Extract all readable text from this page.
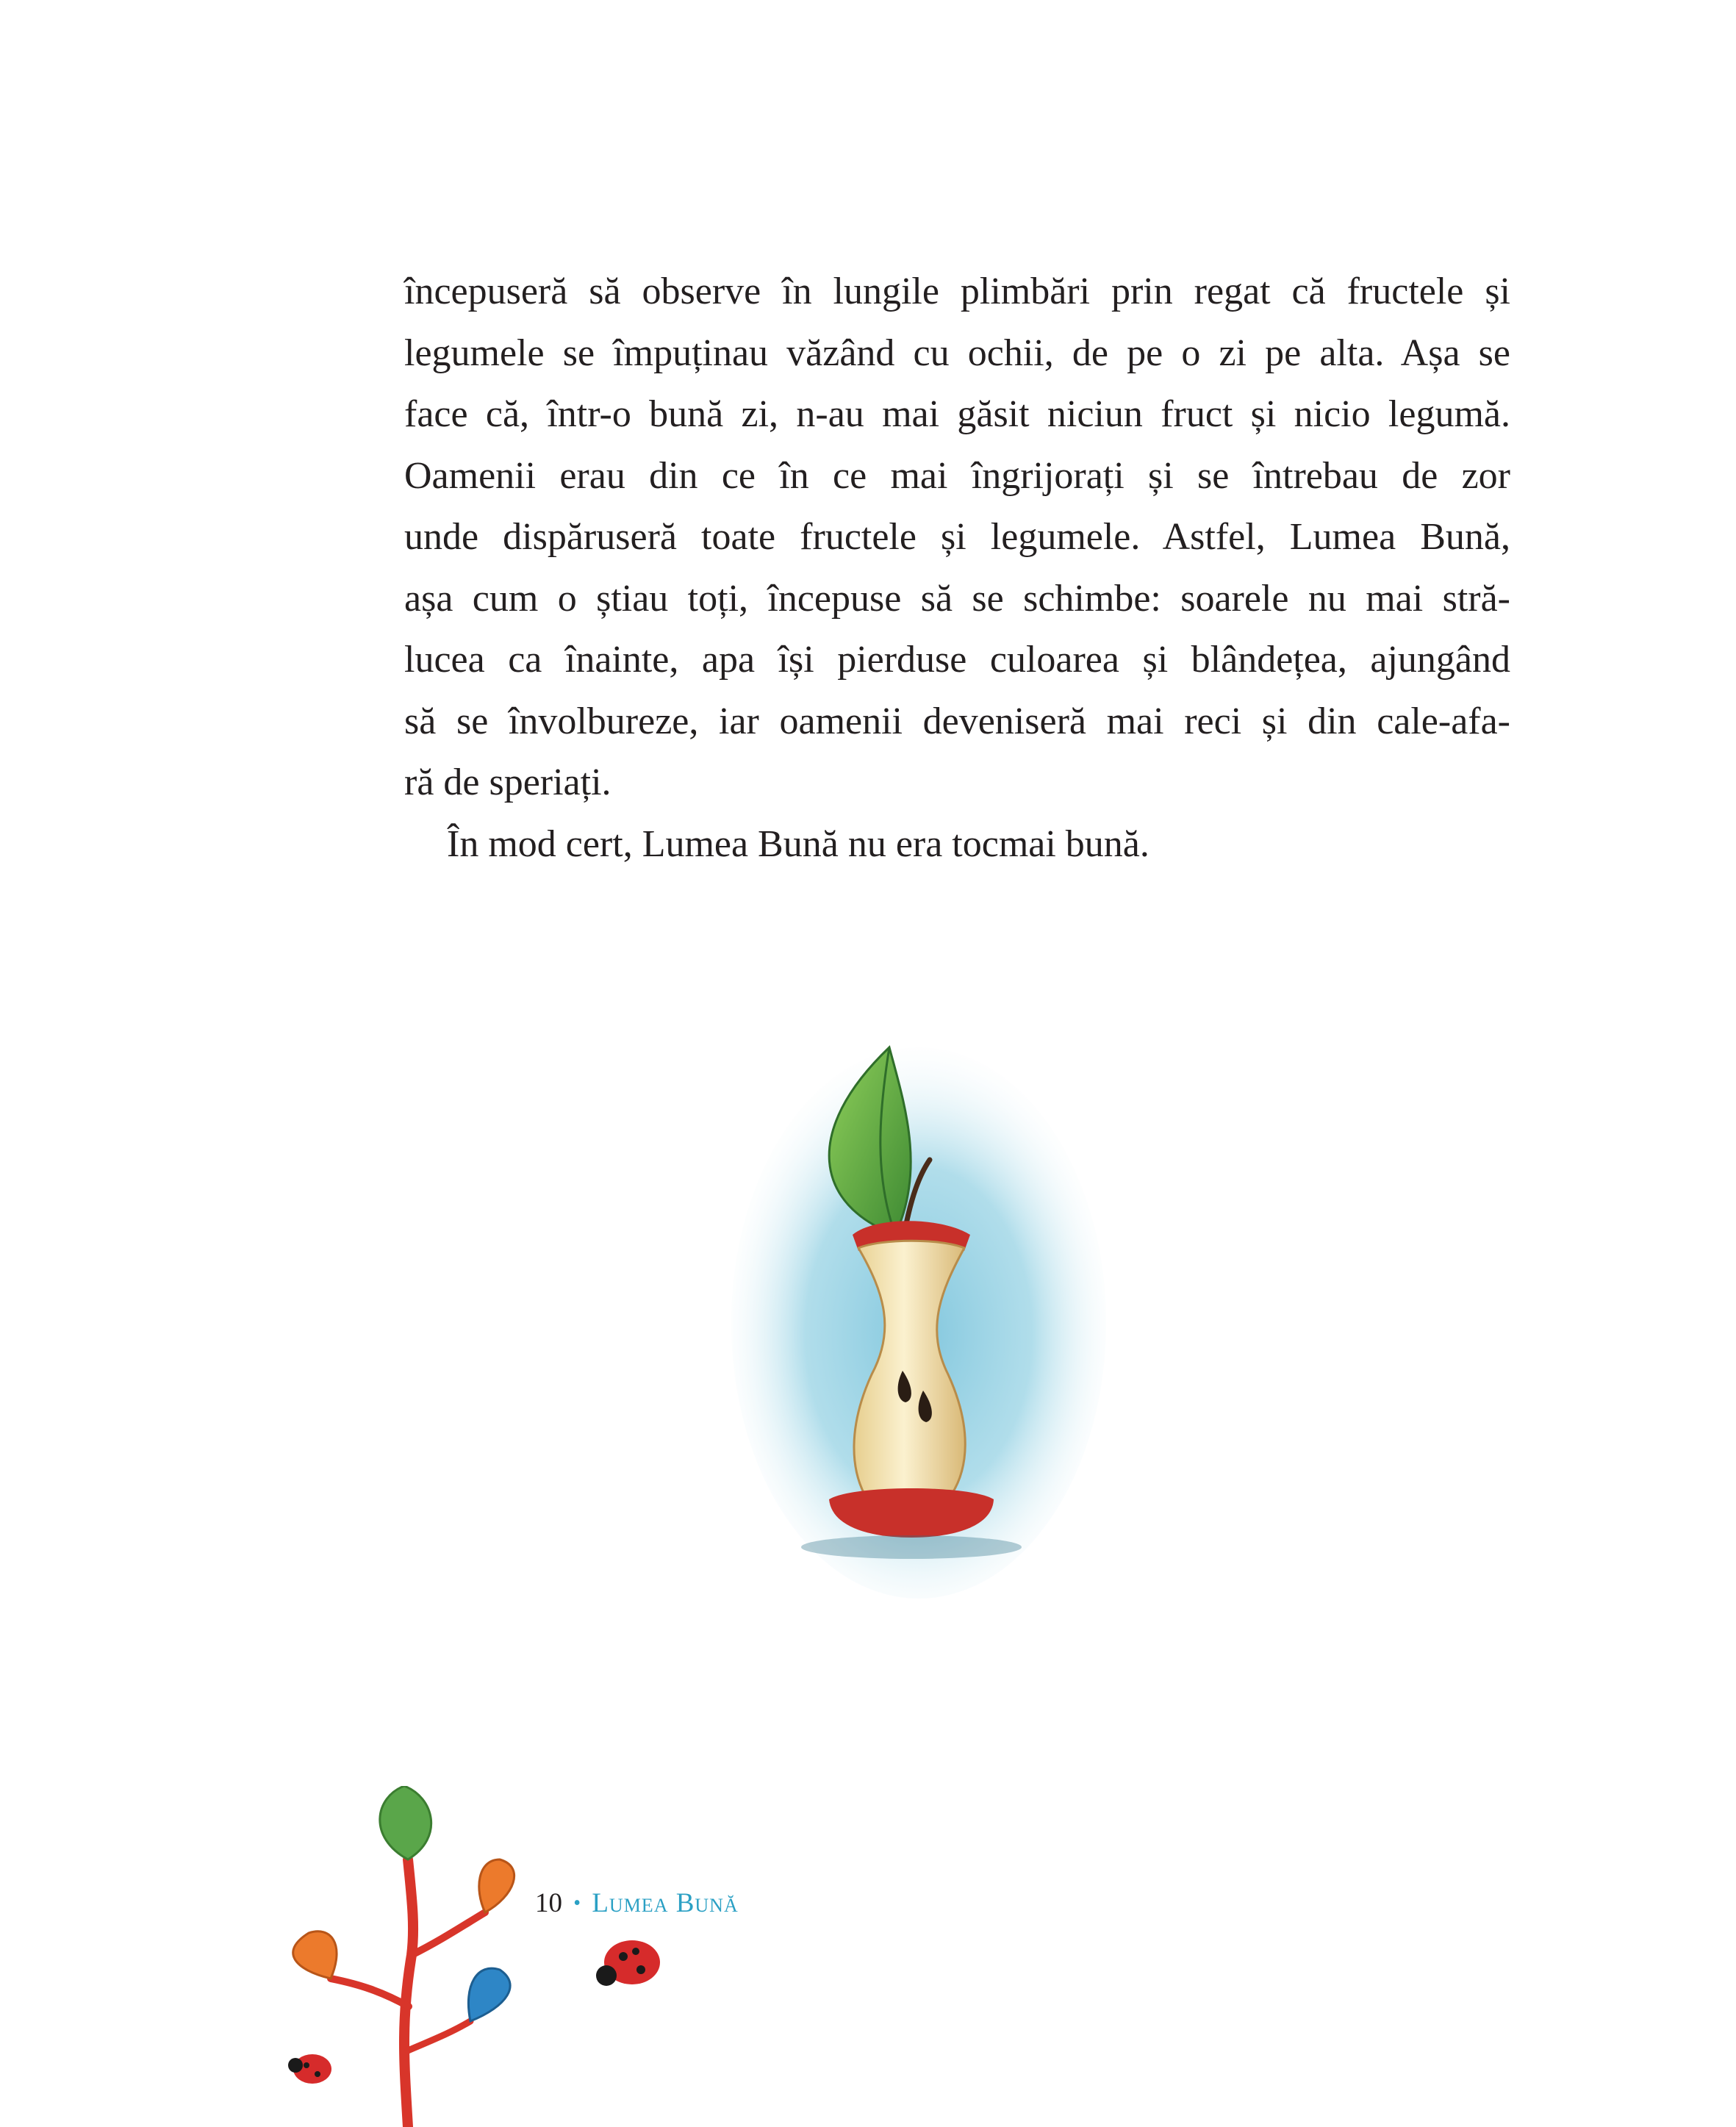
începuseră să observe în lungile plimbări prin regat că fructele și
legumele se împuținau văzând cu ochii, de pe o zi pe alta. Așa se
face că, într-o bună zi, n-au mai găsit niciun fruct și nicio legumă.
Oamenii erau din ce în ce mai îngrijorați și se întrebau de zor
unde dispăruseră toate fructele și legumele. Astfel, Lumea Bună,
așa cum o știau toți, începuse să se schimbe: soarele nu mai stră-
lucea ca înainte, apa își pierduse culoarea și blândețea, ajungând
să se învolbureze, iar oamenii deveniseră mai reci și din cale-afa-
ră de speriați.
În mod cert, Lumea Bună nu era tocmai bună.
10 • Lumea Bună
